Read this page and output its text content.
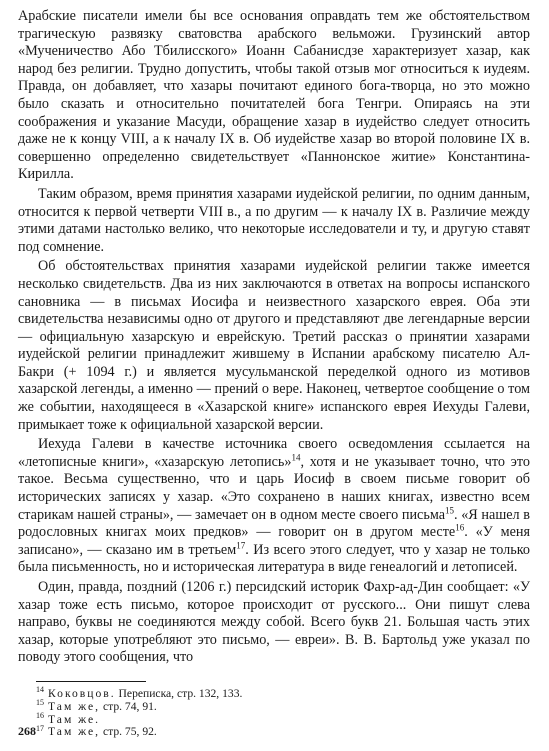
Арабские писатели имели бы все основания оправдать тем же обстоятельством трагическую развязку сватовства арабского вельможи. Грузинский автор «Мученичество Або Тбилисского» Иоанн Сабанисдзе характеризует хазар, как народ без религии. Трудно допустить, чтобы такой отзыв мог относиться к иудеям. Правда, он добавляет, что хазары почитают единого бога-творца, но это можно было сказать и относительно почитателей бога Тенгри. Опираясь на эти соображения и указание Масуди, обращение хазар в иудейство следует относить даже не к концу VIII, а к началу IX в. Об иудействе хазар во второй половине IX в. совершенно определенно свидетельствует «Паннонское житие» Константина-Кирилла.

Таким образом, время принятия хазарами иудейской религии, по одним данным, относится к первой четверти VIII в., а по другим — к началу IX в. Различие между этими датами настолько велико, что некоторые исследователи и ту, и другую ставят под сомнение.

Об обстоятельствах принятия хазарами иудейской религии также имеется несколько свидетельств. Два из них заключаются в ответах на вопросы испанского сановника — в письмах Иосифа и неизвестного хазарского еврея. Оба эти свидетельства независимы одно от другого и представляют две легендарные версии — официальную хазарскую и еврейскую. Третий рассказ о принятии хазарами иудейской религии принадлежит жившему в Испании арабскому писателю Ал-Бакри (+ 1094 г.) и является мусульманской переделкой одного из мотивов хазарской легенды, а именно — прений о вере. Наконец, четвертое сообщение о том же событии, находящееся в «Хазарской книге» испанского еврея Иехуды Галеви, примыкает тоже к официальной хазарской версии.

Иехуда Галеви в качестве источника своего осведомления ссылается на «летописные книги», «хазарскую летопись»$^{14}$, хотя и не указывает точно, что это такое. Весьма существенно, что и царь Иосиф в своем письме говорит об исторических записях у хазар. «Это сохранено в наших книгах, известно всем старикам нашей страны», — замечает он в одном месте своего письма$^{15}$. «Я нашел в родословных книгах моих предков» — говорит он в другом месте$^{16}$. «У меня записано», — сказано им в третьем$^{17}$. Из всего этого следует, что у хазар не только была письменность, но и историческая литература в виде генеалогий и летописей.

Один, правда, поздний (1206 г.) персидский историк Фахр-ад-Дин сообщает: «У хазар тоже есть письмо, которое происходит от русского... Они пишут слева направо, буквы не соединяются между собой. Всего букв 21. Большая часть этих хазар, которые употребляют это письмо, — евреи». В. В. Бартольд уже указал по поводу этого сообщения, что

$^{14}$ Коковцов. Переписка, стр. 132, 133.

$^{15}$ Там же, стр. 74, 91.

$^{16}$ Там же.

$^{17}$ Там же, стр. 75, 92.

268
